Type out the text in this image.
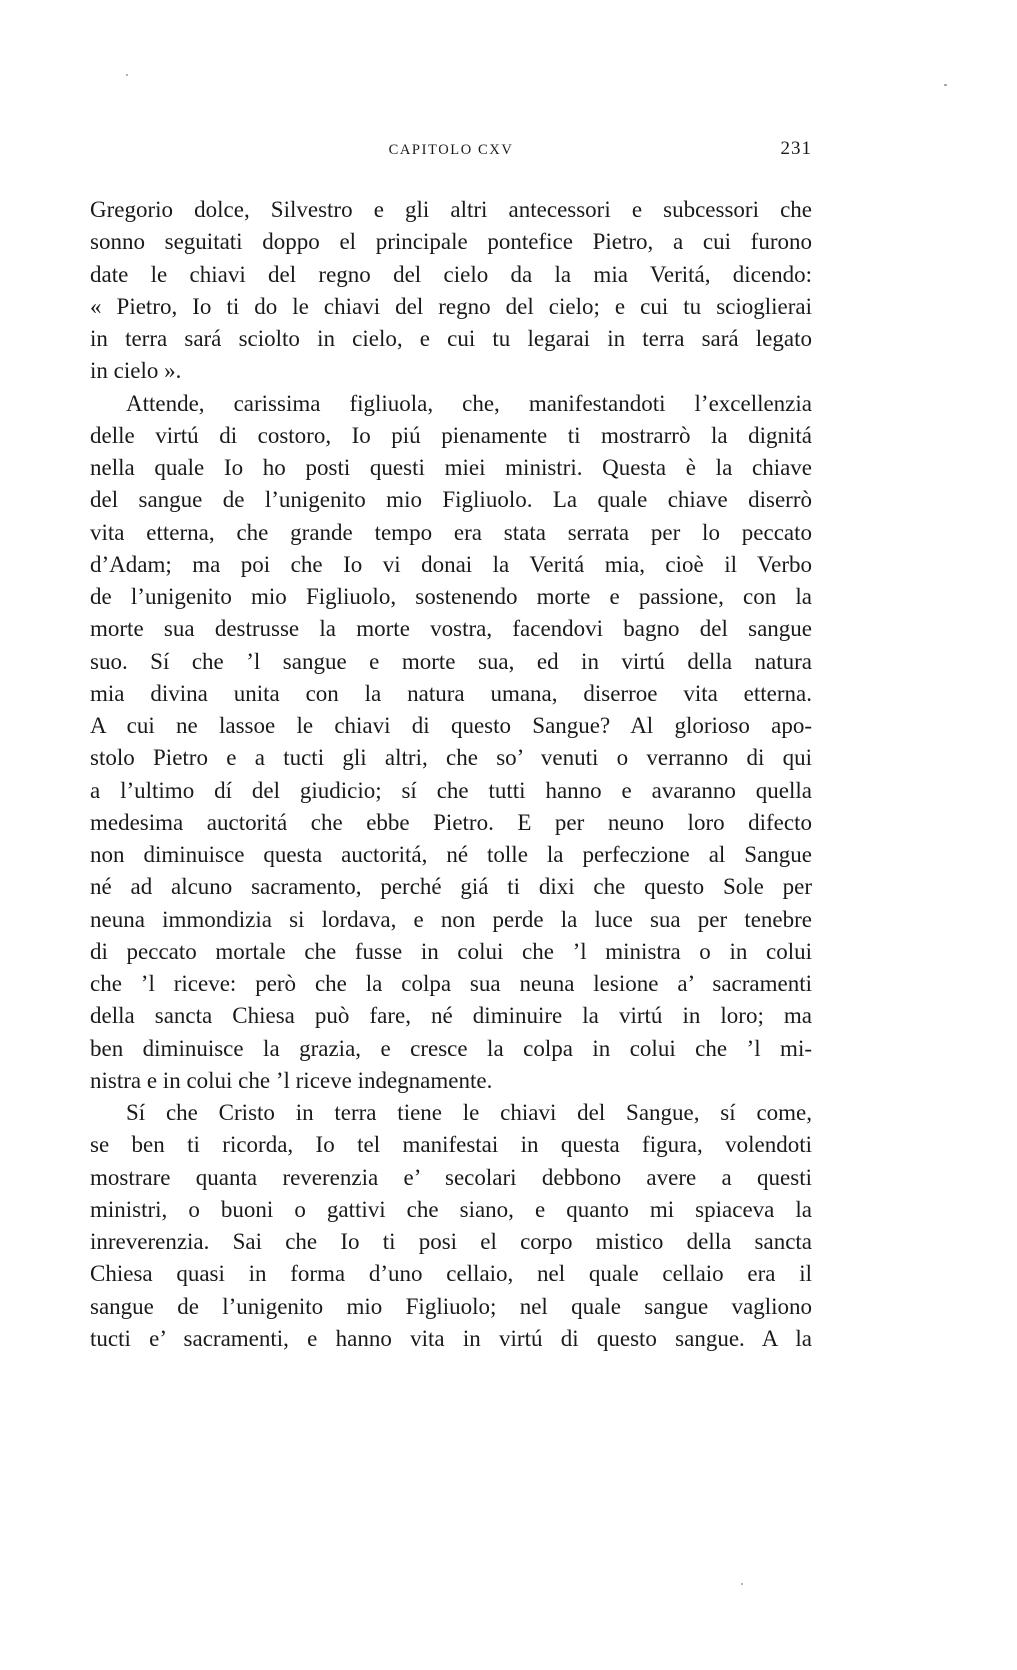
CAPITOLO CXV	231
Gregorio dolce, Silvestro e gli altri antecessori e subcessori che
sonno seguitati doppo el principale pontefice Pietro, a cui furono
date le chiavi del regno del cielo da la mia Veritá, dicendo:
« Pietro, Io ti do le chiavi del regno del cielo; e cui tu scioglierai
in terra sará sciolto in cielo, e cui tu legarai in terra sará legato
in cielo ».
Attende, carissima figliuola, che, manifestandoti l’excellenzia
delle virtú di costoro, Io piú pienamente ti mostrarrò la dignitá
nella quale Io ho posti questi miei ministri. Questa è la chiave
del sangue de l’unigenito mio Figliuolo. La quale chiave diserrò
vita etterna, che grande tempo era stata serrata per lo peccato
d’Adam; ma poi che Io vi donai la Veritá mia, cioè il Verbo
de l’unigenito mio Figliuolo, sostenendo morte e passione, con la
morte sua destrusse la morte vostra, facendovi bagno del sangue
suo. Sí che ’l sangue e morte sua, ed in virtú della natura
mia divina unita con la natura umana, diserroe vita etterna.
A cui ne lassoe le chiavi di questo Sangue? Al glorioso apo-
stolo Pietro e a tucti gli altri, che so’ venuti o verranno di qui
a l’ultimo dí del giudicio; sí che tutti hanno e avaranno quella
medesima auctoritá che ebbe Pietro. E per neuno loro difecto
non diminuisce questa auctoritá, né tolle la perfeczione al Sangue
né ad alcuno sacramento, perché giá ti dixi che questo Sole per
neuna immondizia si lordava, e non perde la luce sua per tenebre
di peccato mortale che fusse in colui che ’l ministra o in colui
che ’l riceve: però che la colpa sua neuna lesione a’ sacramenti
della sancta Chiesa può fare, né diminuire la virtú in loro; ma
ben diminuisce la grazia, e cresce la colpa in colui che ’l mi-
nistra e in colui che ’l riceve indegnamente.
Sí che Cristo in terra tiene le chiavi del Sangue, sí come,
se ben ti ricorda, Io tel manifestai in questa figura, volendoti
mostrare quanta reverenzia e’ secolari debbono avere a questi
ministri, o buoni o gattivi che siano, e quanto mi spiaceva la
inreverenzia. Sai che Io ti posi el corpo mistico della sancta
Chiesa quasi in forma d’uno cellaio, nel quale cellaio era il
sangue de l’unigenito mio Figliuolo; nel quale sangue vagliono
tucti e’ sacramenti, e hanno vita in virtú di questo sangue. A la
